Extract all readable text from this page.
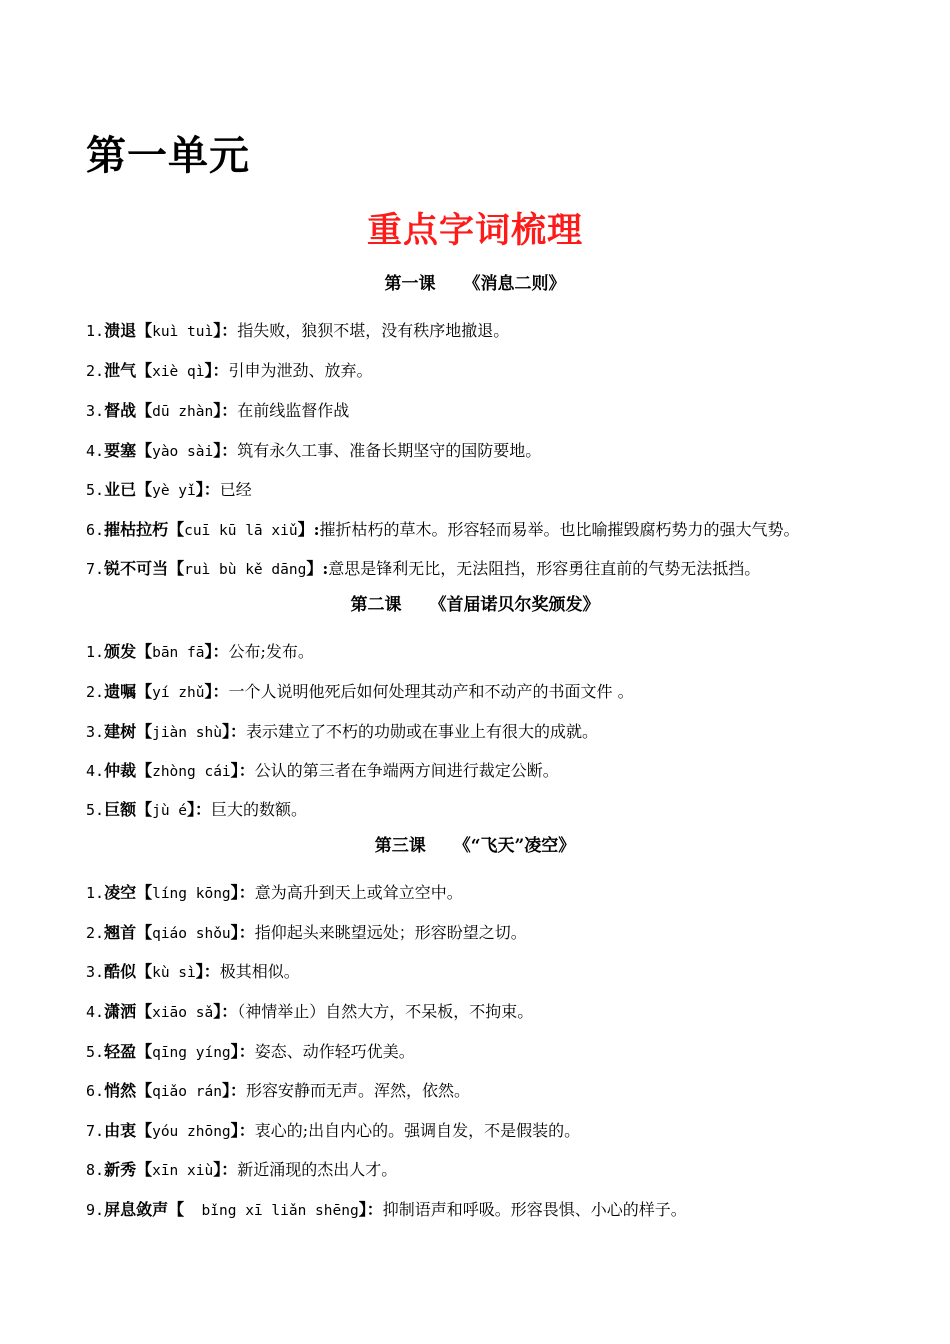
第一单元
重点字词梳理
第一课 《消息二则》

1.溃退【kuì tuì】：指失败，狼狈不堪，没有秩序地撤退。

2.泄气【xiè qì】：引申为泄劲、放弃。

3.督战【dū zhàn】：在前线监督作战

4.要塞【yào sài】：筑有永久工事、准备长期坚守的国防要地。

5.业已【yè yǐ】：已经

6.摧枯拉朽【cuī kū lā xiǔ】:摧折枯朽的草木。形容轻而易举。也比喻摧毁腐朽势力的强大气势。

7.锐不可当【ruì bù kě dāng】:意思是锋利无比，无法阻挡，形容勇往直前的气势无法抵挡。

第二课 《首届诺贝尔奖颁发》

1.颁发【bān fā】：公布;发布。

2.遗嘱【yí zhǔ】：一个人说明他死后如何处理其动产和不动产的书面文件 。

3.建树【jiàn shù】：表示建立了不朽的功勋或在事业上有很大的成就。

4.仲裁【zhòng cái】：公认的第三者在争端两方间进行裁定公断。

5.巨额【jù é】：巨大的数额。

第三课 《“飞天”凌空》

1.凌空【líng kōng】：意为高升到天上或耸立空中。

2.翘首【qiáo shǒu】：指仰起头来眺望远处；形容盼望之切。

3.酷似【kù sì】：极其相似。

4.潇洒【xiāo sǎ】：（神情举止）自然大方，不呆板，不拘束。

5.轻盈【qīng yíng】：姿态、动作轻巧优美。

6.悄然【qiǎo rán】：形容安静而无声。浑然，依然。

7.由衷【yóu zhōng】：衷心的;出自内心的。强调自发，不是假装的。

8.新秀【xīn xiù】：新近涌现的杰出人才。

9.屏息敛声【  bǐng xī liǎn shēng】：抑制语声和呼吸。形容畏惧、小心的样子。
